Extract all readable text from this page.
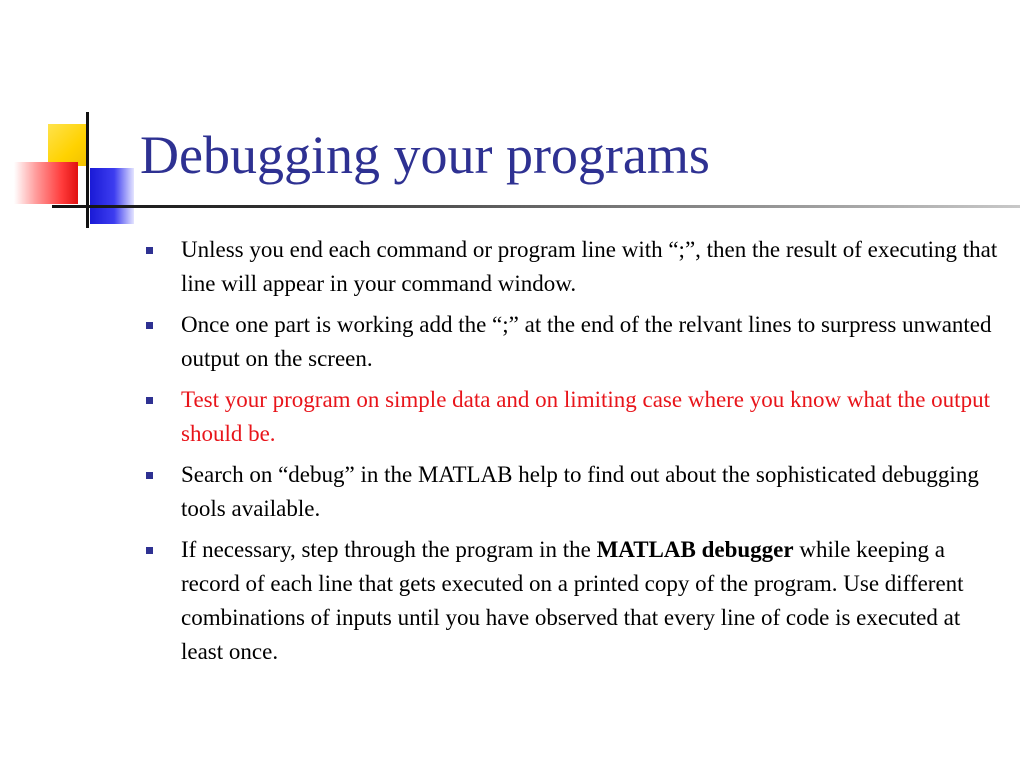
Debugging your programs
Unless you end each command or program line with “;”, then the result of executing that line will appear in your command window.
Once one part is working add the “;” at the end of the relvant lines to surpress unwanted output on the screen.
Test your program on simple data and on limiting case where you know what the output should be.
Search on “debug” in the MATLAB help to find out about the sophisticated debugging tools available.
If necessary, step through the program in the MATLAB debugger while keeping a record of each line that gets executed on a printed copy of the program. Use different combinations of inputs until you have observed that every line of code is executed at least once.
